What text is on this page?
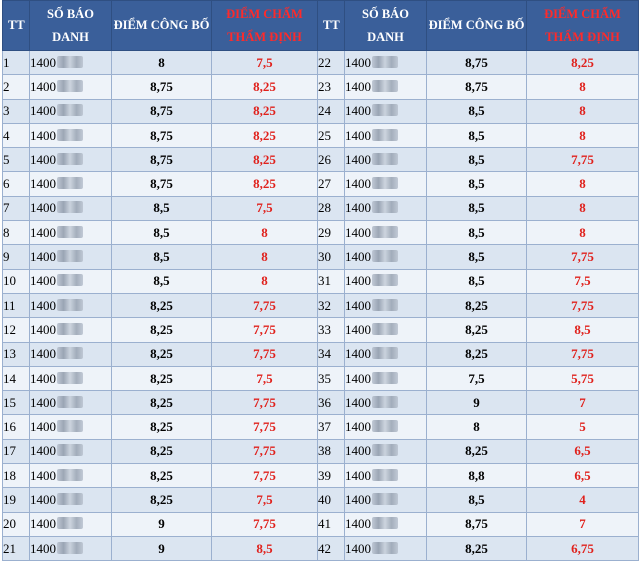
TT	SỐ BÁO DANH	ĐIỂM CÔNG BỐ	ĐIỂM CHẤM THẨM ĐỊNH	TT	SỐ BÁO DANH	ĐIỂM CÔNG BỐ	ĐIỂM CHẤM THẨM ĐỊNH
1	1400	8	7,5	22	1400	8,75	8,25
2	1400	8,75	8,25	23	1400	8,75	8
3	1400	8,75	8,25	24	1400	8,5	8
4	1400	8,75	8,25	25	1400	8,5	8
5	1400	8,75	8,25	26	1400	8,5	7,75
6	1400	8,75	8,25	27	1400	8,5	8
7	1400	8,5	7,5	28	1400	8,5	8
8	1400	8,5	8	29	1400	8,5	8
9	1400	8,5	8	30	1400	8,5	7,75
10	1400	8,5	8	31	1400	8,5	7,5
11	1400	8,25	7,75	32	1400	8,25	7,75
12	1400	8,25	7,75	33	1400	8,25	8,5
13	1400	8,25	7,75	34	1400	8,25	7,75
14	1400	8,25	7,5	35	1400	7,5	5,75
15	1400	8,25	7,75	36	1400	9	7
16	1400	8,25	7,75	37	1400	8	5
17	1400	8,25	7,75	38	1400	8,25	6,5
18	1400	8,25	7,75	39	1400	8,8	6,5
19	1400	8,25	7,5	40	1400	8,5	4
20	1400	9	7,75	41	1400	8,75	7
21	1400	9	8,5	42	1400	8,25	6,75
